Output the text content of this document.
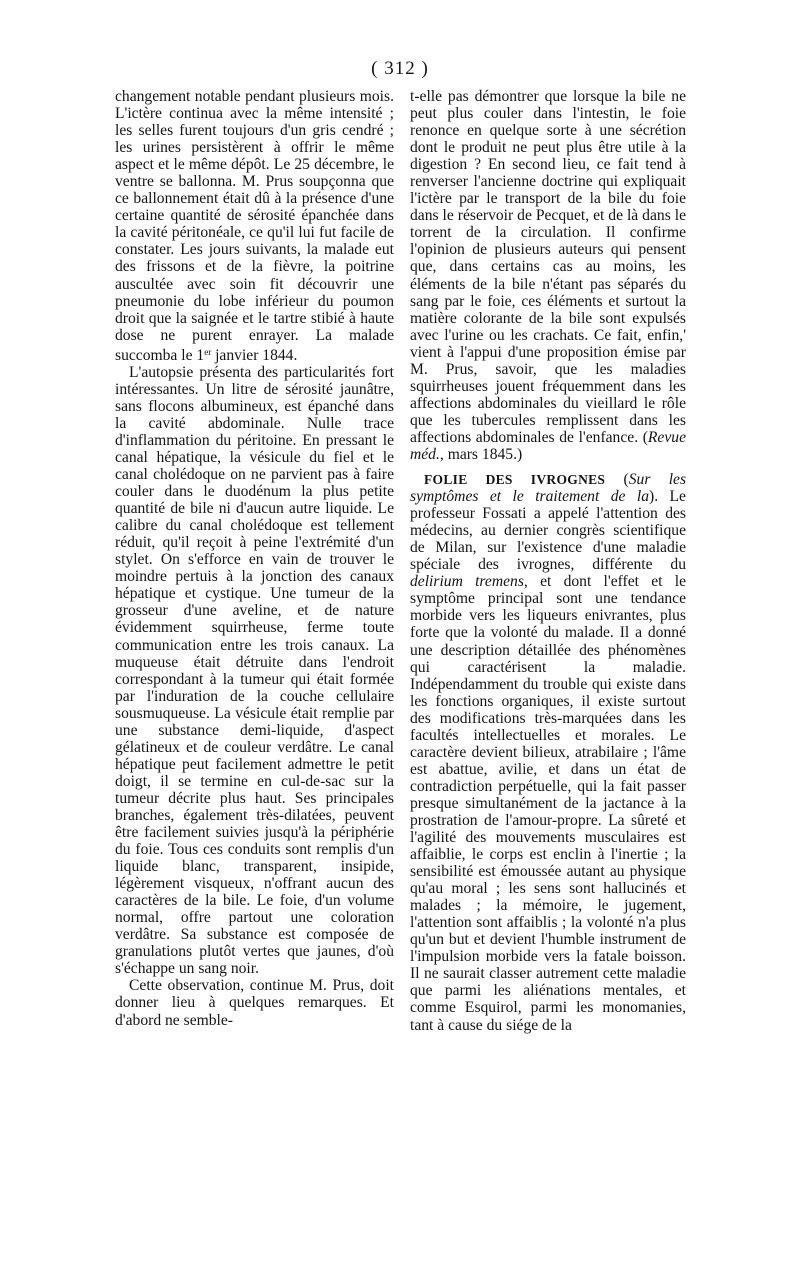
( 312 )

changement notable pendant plusieurs mois. L'ictère continua avec la même intensité ; les selles furent toujours d'un gris cendré ; les urines persistèrent à offrir le même aspect et le même dépôt. Le 25 décembre, le ventre se ballonna. M. Prus soupçonna que ce ballonnement était dû à la présence d'une certaine quantité de sérosité épanchée dans la cavité péritonéale, ce qu'il lui fut facile de constater. Les jours suivants, la malade eut des frissons et de la fièvre, la poitrine auscultée avec soin fit découvrir une pneumonie du lobe inférieur du poumon droit que la saignée et le tartre stibié à haute dose ne purent enrayer. La malade succomba le 1er janvier 1844.

L'autopsie présenta des particularités fort intéressantes. Un litre de sérosité jaunâtre, sans flocons albumineux, est épanché dans la cavité abdominale. Nulle trace d'inflammation du péritoine. En pressant le canal hépatique, la vésicule du fiel et le canal cholédoque on ne parvient pas à faire couler dans le duodénum la plus petite quantité de bile ni d'aucun autre liquide. Le calibre du canal cholédoque est tellement réduit, qu'il reçoit à peine l'extrémité d'un stylet. On s'efforce en vain de trouver le moindre pertuis à la jonction des canaux hépatique et cystique. Une tumeur de la grosseur d'une aveline, et de nature évidemment squirrheuse, ferme toute communication entre les trois canaux. La muqueuse était détruite dans l'endroit correspondant à la tumeur qui était formée par l'induration de la couche cellulaire sousmuqueuse. La vésicule était remplie par une substance demi-liquide, d'aspect gélatineux et de couleur verdâtre. Le canal hépatique peut facilement admettre le petit doigt, il se termine en cul-de-sac sur la tumeur décrite plus haut. Ses principales branches, également très-dilatées, peuvent être facilement suivies jusqu'à la périphérie du foie. Tous ces conduits sont remplis d'un liquide blanc, transparent, insipide, légèrement visqueux, n'offrant aucun des caractères de la bile. Le foie, d'un volume normal, offre partout une coloration verdâtre. Sa substance est composée de granulations plutôt vertes que jaunes, d'où s'échappe un sang noir.

Cette observation, continue M. Prus, doit donner lieu à quelques remarques. Et d'abord ne semble-

t-elle pas démontrer que lorsque la bile ne peut plus couler dans l'intestin, le foie renonce en quelque sorte à une sécrétion dont le produit ne peut plus être utile à la digestion ? En second lieu, ce fait tend à renverser l'ancienne doctrine qui expliquait l'ictère par le transport de la bile du foie dans le réservoir de Pecquet, et de là dans le torrent de la circulation. Il confirme l'opinion de plusieurs auteurs qui pensent que, dans certains cas au moins, les éléments de la bile n'étant pas séparés du sang par le foie, ces éléments et surtout la matière colorante de la bile sont expulsés avec l'urine ou les crachats. Ce fait, enfin,' vient à l'appui d'une proposition émise par M. Prus, savoir, que les maladies squirrheuses jouent fréquemment dans les affections abdominales du vieillard le rôle que les tubercules remplissent dans les affections abdominales de l'enfance. (Revue méd., mars 1845.)

FOLIE DES IVROGNES (Sur les symptômes et le traitement de la). Le professeur Fossati a appelé l'attention des médecins, au dernier congrès scientifique de Milan, sur l'existence d'une maladie spéciale des ivrognes, différente du delirium tremens, et dont l'effet et le symptôme principal sont une tendance morbide vers les liqueurs enivrantes, plus forte que la volonté du malade. Il a donné une description détaillée des phénomènes qui caractérisent la maladie. Indépendamment du trouble qui existe dans les fonctions organiques, il existe surtout des modifications très-marquées dans les facultés intellectuelles et morales. Le caractère devient bilieux, atrabilaire ; l'âme est abattue, avilie, et dans un état de contradiction perpétuelle, qui la fait passer presque simultanément de la jactance à la prostration de l'amour-propre. La sûreté et l'agilité des mouvements musculaires est affaiblie, le corps est enclin à l'inertie ; la sensibilité est émoussée autant au physique qu'au moral ; les sens sont hallucinés et malades ; la mémoire, le jugement, l'attention sont affaiblis ; la volonté n'a plus qu'un but et devient l'humble instrument de l'impulsion morbide vers la fatale boisson. Il ne saurait classer autrement cette maladie que parmi les aliénations mentales, et comme Esquirol, parmi les monomanies, tant à cause du siége de la
